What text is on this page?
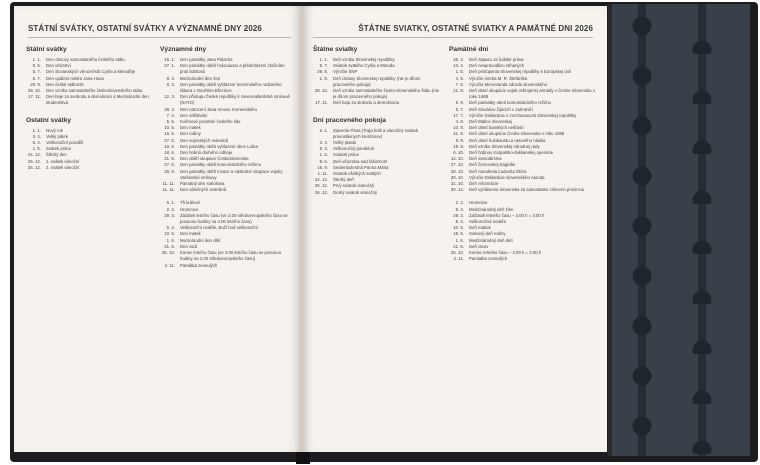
STÁTNÍ SVÁTKY, OSTATNÍ SVÁTKY A VÝZNAMNÉ DNY 2026
Státní svátky
1. 1.	Den obnovy samostatného českého státu
8. 5.	Den vítězství
5. 7.	Den slovanských věrozvěstů Cyrila a Metoděje
6. 7.	Den upálení mistra Jana Husa
28. 9.	Den české státnosti
28. 10.	Den vzniku samostatného československého státu
17. 11.	Den boje za svobodu a demokracii a Mezinárodní den studentstva
Ostatní svátky
1. 1.	Nový rok
3. 4.	Velký pátek
6. 4.	Velikonoční pondělí
1. 5.	Svátek práce
24. 12.	Štědrý den
25. 12.	1. svátek vánoční
26. 12.	2. svátek vánoční
Významné dny
16. 1.	Den památky Jana Palacha
27. 1.	Den památky obětí holocaustu a předcházení zločinům proti lidskosti
8. 3.	Mezinárodní den žen
8. 3.	Den památky obětí vyhlazení terezínského rodinného tábora v Osvětimi-Březince
12. 3.	Den přístupu České republiky k Severoatlantické smlouvě (NATO)
28. 3.	Den narození Jana Amose Komenského
7. 4.	Den zdělávání
5. 5.	Květnové povstání českého lidu
10. 5.	Den matek
15. 5.	Den rodiny
27. 5.	Den vojenských veteránů
10. 6.	Den památky obětí vyhlazení obce Lidice
18. 6.	Den hrdinů druhého odboje
21. 8.	Den obětí okupace Československa
27. 6.	Den památky obětí komunistického režimu
28. 9.	Den památky obětí invaze a následné okupace vojsky Varšavské smlouvy
11. 11.	Památný den sokolstva
11. 11.	Den válečných veteránů
6. 1.	Tři králové
2. 2.	Hromnice
29. 3.	Začátek letního času (ve 2.00 středoevropského času se posunou hodiny na 3.00 letního času)
5. 4.	Velikonoční neděle, Boží hod velikonoční
10. 5.	Den matek
1. 6.	Mezinárodní den dětí
21. 6.	Den otců
25. 10.	Konec letního času (ve 3.00 letního času se posunou hodiny na 2.00 středoevropského času)
2. 11.	Památka zesnulých
ŠTÁTNE SVIATKY, OSTATNÉ SVIATKY A PAMÄTNÉ DNI 2026
Štátne sviatky
1. 1.	Deň vzniku Slovenskej republiky
5. 7.	Sviatok svätého Cyrila a Metoda
29. 8.	Výročie SNP
1. 9.	Deň Ústavy Slovenskej republiky (nie je dňom pracovného pokoja)
28. 10.	Deň vzniku samostatného česko-slovenského štátu (nie je dňom pracovného pokoja)
17. 11.	Deň boja za slobodu a demokraciu
Dni pracovného pokoja
6. 1.	Zjavenie Pána (Traja králi a vianočný sviatok pravoslávnych kresťanov)
3. 4.	Veľký piatok
6. 4.	Veľkonočný pondelok
1. 5.	Sviatok práce
8. 5.	Deň víťazstva nad fašizmom
15. 9.	Sedembolestná Panna Mária
1. 11.	Sviatok všetkých svätých
24. 12.	Štedrý deň
25. 12.	Prvý sviatok vianočný
26. 12.	Druhý sviatok vianočný
Pamätné dni
25. 3.	Deň zápasu za ľudské práva
13. 4.	Deň nespravodlivo stíhaných
1. 5.	Deň pristúpenia Slovenskej republiky k Európskej únii
4. 5.	Výročie úmrtia M. R. Štefánika
7. 6.	Výročie Memoranda národa slovenského
21. 8.	Deň obetí okupácie vojsk ozbrojenej armády v Česko-Slovensku v roku 1968
9. 9.	Deň pamiatky obetí komunistického režimu
5. 7.	Deň Slovákov žijúcich v zahraničí
17. 7.	Výročie Deklarácie o zvrchovanosti Slovenskej republiky
4. 8.	Deň Matice slovenskej
10. 8.	Deň obetí banských nešťastí
21. 8.	Deň obetí okupácie Česko-Slovenska v roku 1968
9. 9.	Deň obetí holokaustu a rasového násilia
19. 9.	Deň vzniku Slovenskej národnej rady
6. 10.	Deň hrdinov Karpatsko-duklianskej operácie
12. 10.	Deň samotárstva
27. 10.	Deň černovskej tragédie
28. 10.	Deň narodenia Ľudovíta Štúra
30. 10.	Výročie Deklarácie slovenského národa
31. 10.	Deň reformácie
30. 12.	Deň vyhlásenia Slovenska za samostatnú cirkevnú provinciu
2. 2.	Hromnice
8. 3.	Medzinárodný deň žien
29. 3.	Začiatok letného času – 2.00 h = 3.00 h
5. 4.	Veľkonočná nedeľa
10. 5.	Deň matiek
15. 5.	Svetový deň rodiny
1. 6.	Medzinárodný deň detí
21. 6.	Deň otcov
25. 10.	Koniec letného času – 3.00 h = 2.00 h
2. 11.	Pamiatka zosnulých
